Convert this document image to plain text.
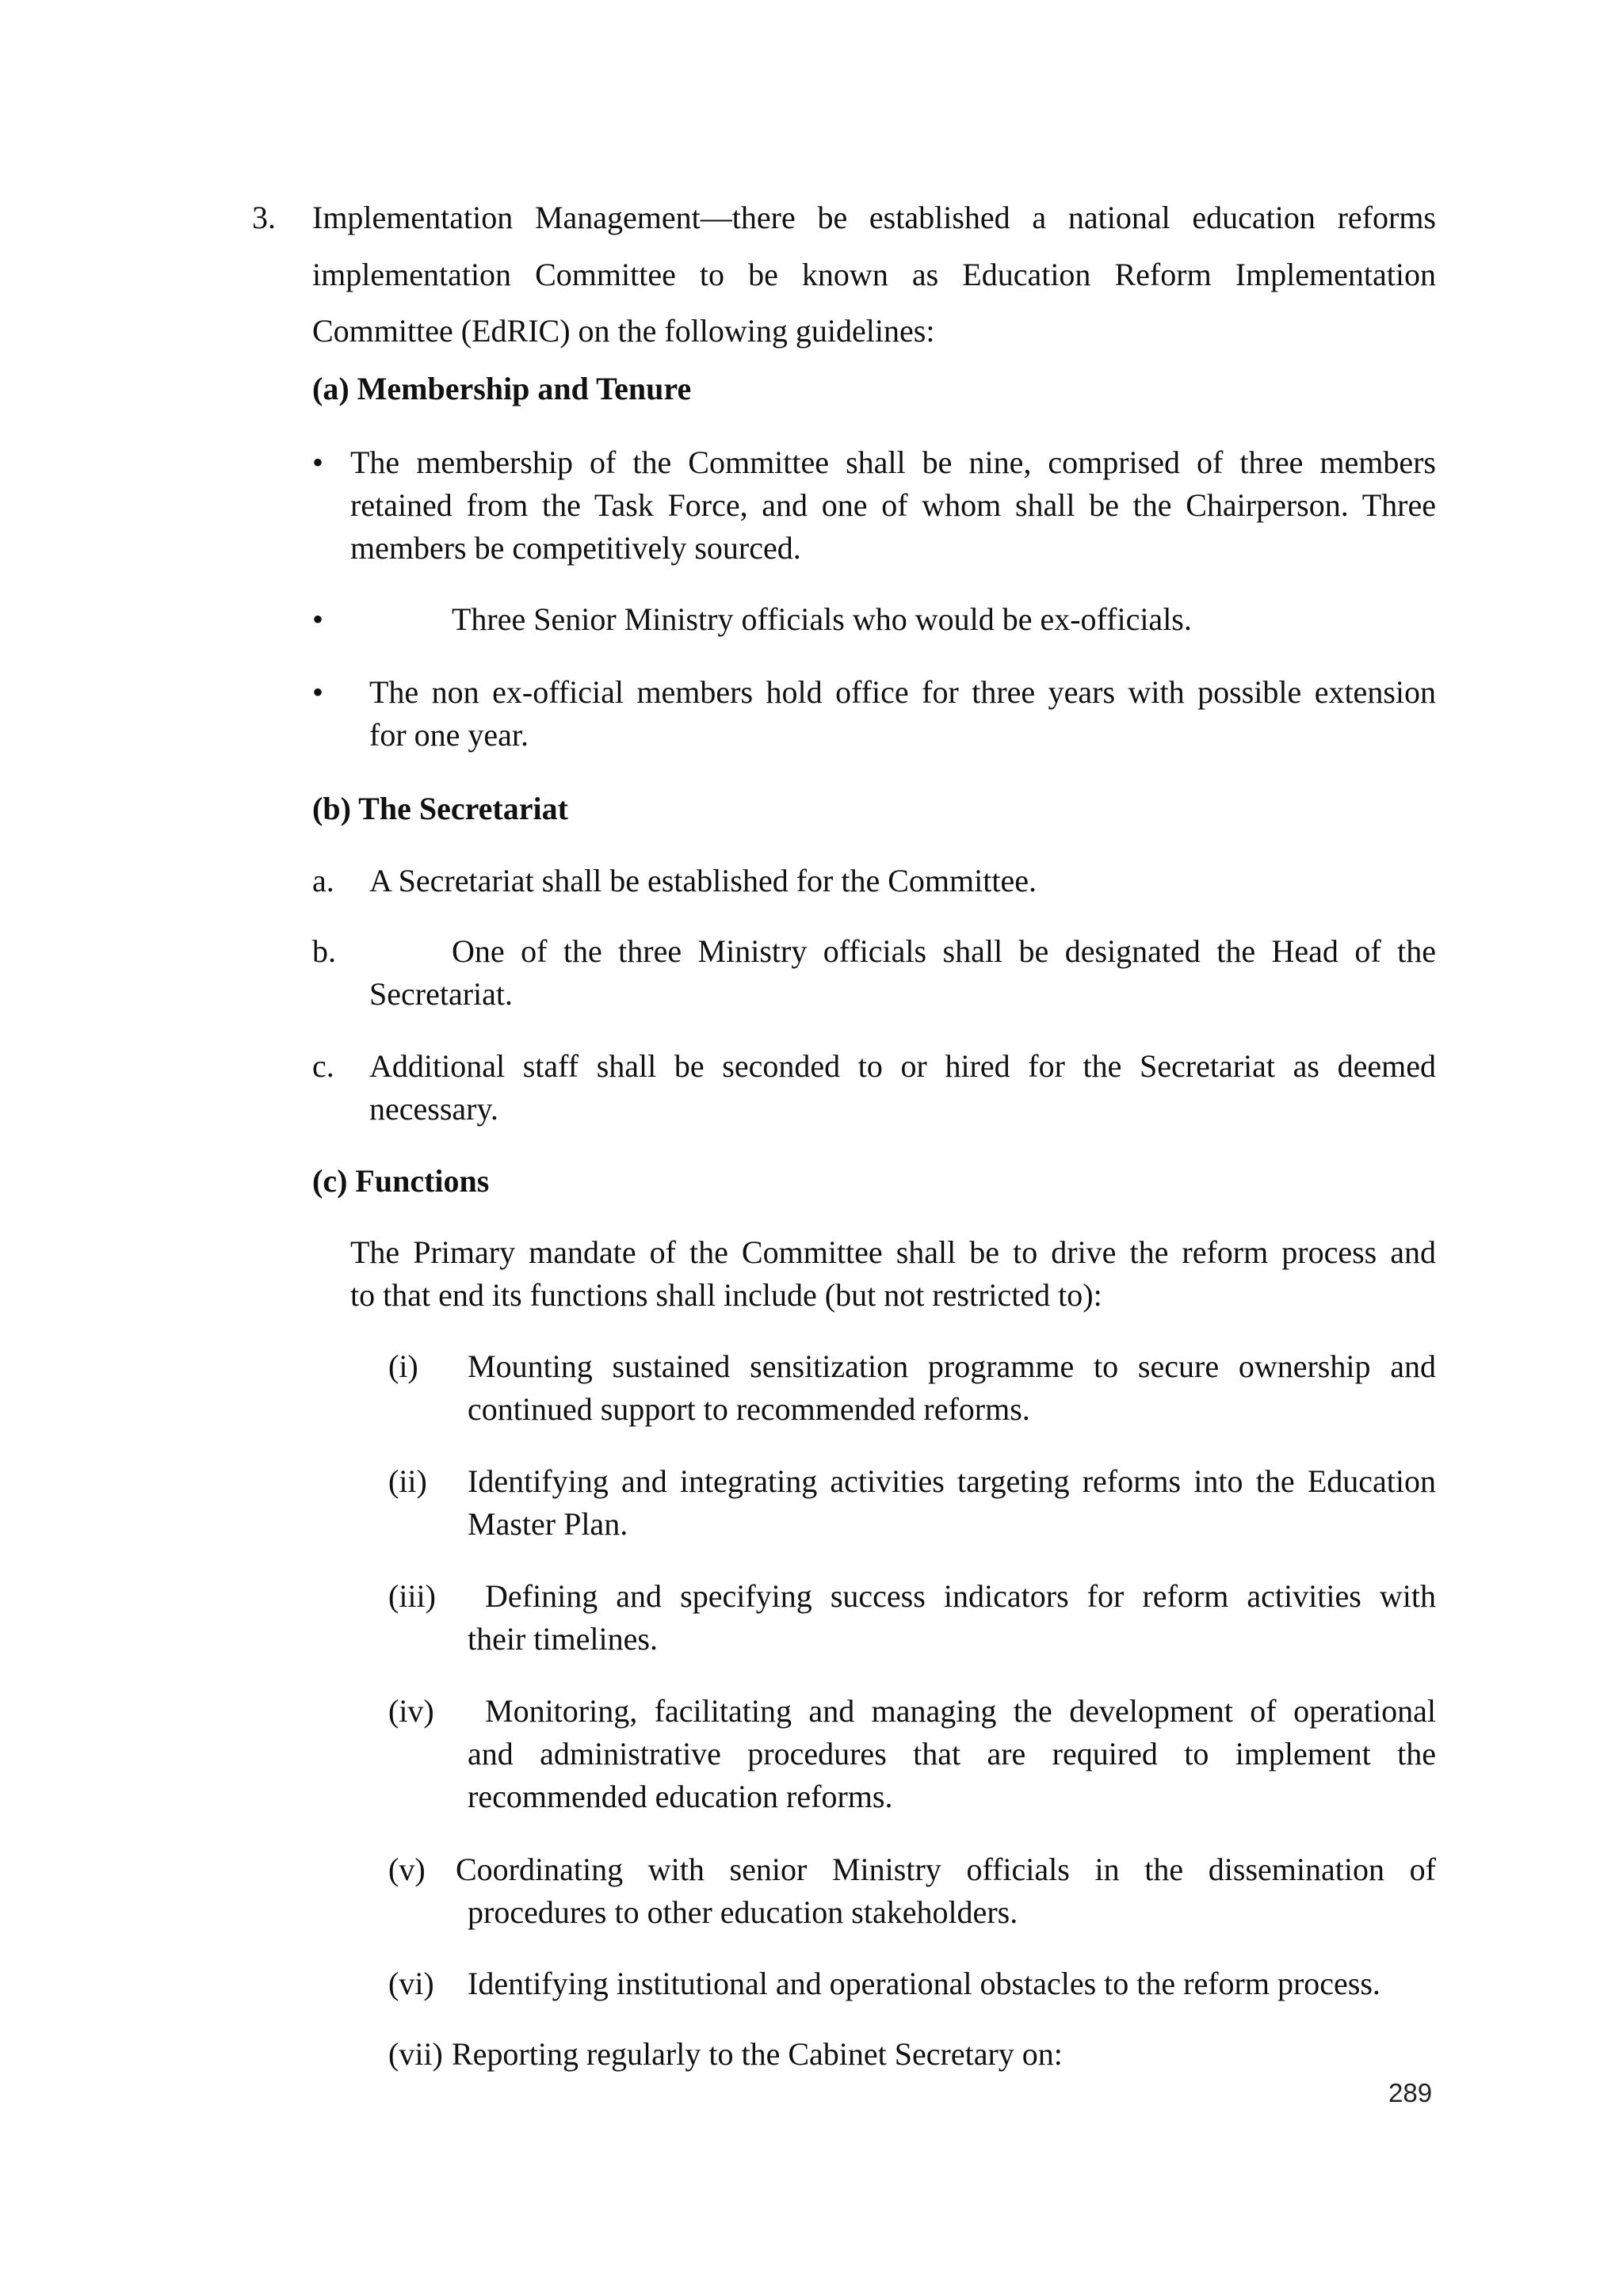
3. Implementation Management—there be established a national education reforms
implementation Committee to be known as Education Reform Implementation
Committee (EdRIC) on the following guidelines:
(a) Membership and Tenure
• The membership of the Committee shall be nine, comprised of three members
retained from the Task Force, and one of whom shall be the Chairperson. Three
members be competitively sourced.
•	Three Senior Ministry officials who would be ex-officials.
• The non ex-official members hold office for three years with possible extension
for one year.
(b) The Secretariat
a. A Secretariat shall be established for the Committee.
b.	One of the three Ministry officials shall be designated the Head of the
Secretariat.
c. Additional staff shall be seconded to or hired for the Secretariat as deemed
necessary.
(c) Functions
The Primary mandate of the Committee shall be to drive the reform process and
to that end its functions shall include (but not restricted to):
(i) Mounting sustained sensitization programme to secure ownership and
continued support to recommended reforms.
(ii) Identifying and integrating activities targeting reforms into the Education
Master Plan.
(iii) Defining and specifying success indicators for reform activities with
their timelines.
(iv) Monitoring, facilitating and managing the development of operational
and administrative procedures that are required to implement the
recommended education reforms.
(v) Coordinating with senior Ministry officials in the dissemination of
procedures to other education stakeholders.
(vi) Identifying institutional and operational obstacles to the reform process.
(vii) Reporting regularly to the Cabinet Secretary on:
289
